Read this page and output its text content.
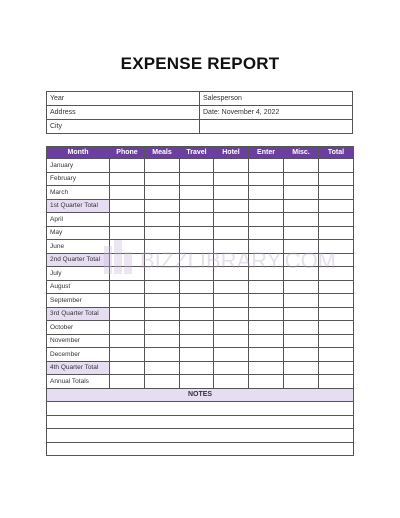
EXPENSE REPORT
Year	Salesperson
Address	Date: November 4, 2022
City	
Month	Phone	Meals	Travel	Hotel	Enter	Misc.	Total
January							
February							
March							
1st Quarter Total							
April							
May							
June							
2nd Quarter Total							
July							
August							
September							
3rd Quarter Total							
October							
November							
December							
4th Quarter Total							
Annual Totals							
NOTES							

BIZZLIBRARY.COM
